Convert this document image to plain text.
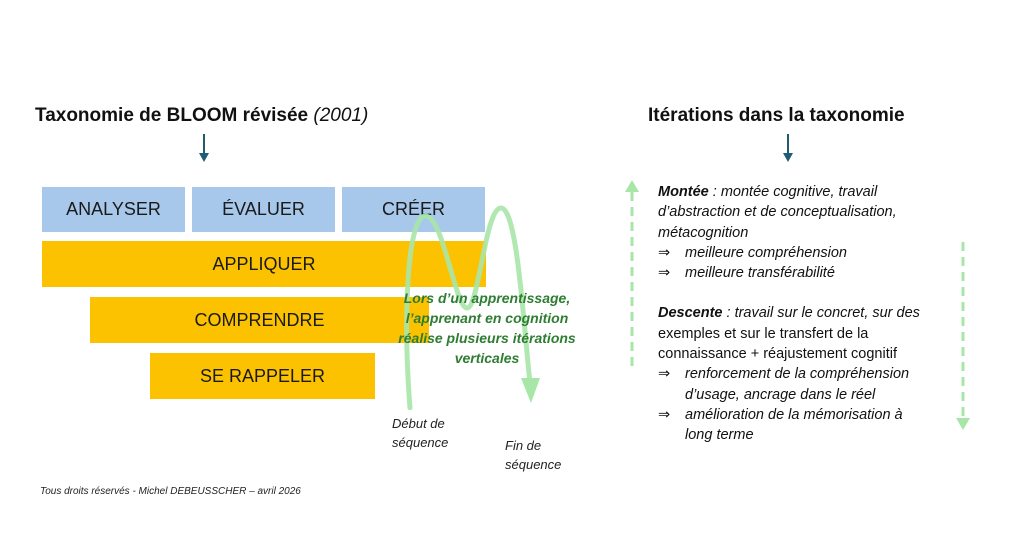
Taxonomie de BLOOM révisée (2001)
ANALYSER	ÉVALUER	CRÉER
APPLIQUER
COMPRENDRE
SE RAPPELER
Lors d’un apprentissage,
l’apprenant en cognition
réalise plusieurs itérations
verticales
Début de
séquence	Fin de
séquence
Tous droits réservés - Michel DEBEUSSCHER – avril 2026
Itérations dans la taxonomie
Montée : montée cognitive, travail
d’abstraction et de conceptualisation,
métacognition
⇒ meilleure compréhension
⇒ meilleure transférabilité
Descente : travail sur le concret, sur des
exemples et sur le transfert de la
connaissance + réajustement cognitif
⇒ renforcement de la compréhension
d’usage, ancrage dans le réel
⇒ amélioration de la mémorisation à
long terme
